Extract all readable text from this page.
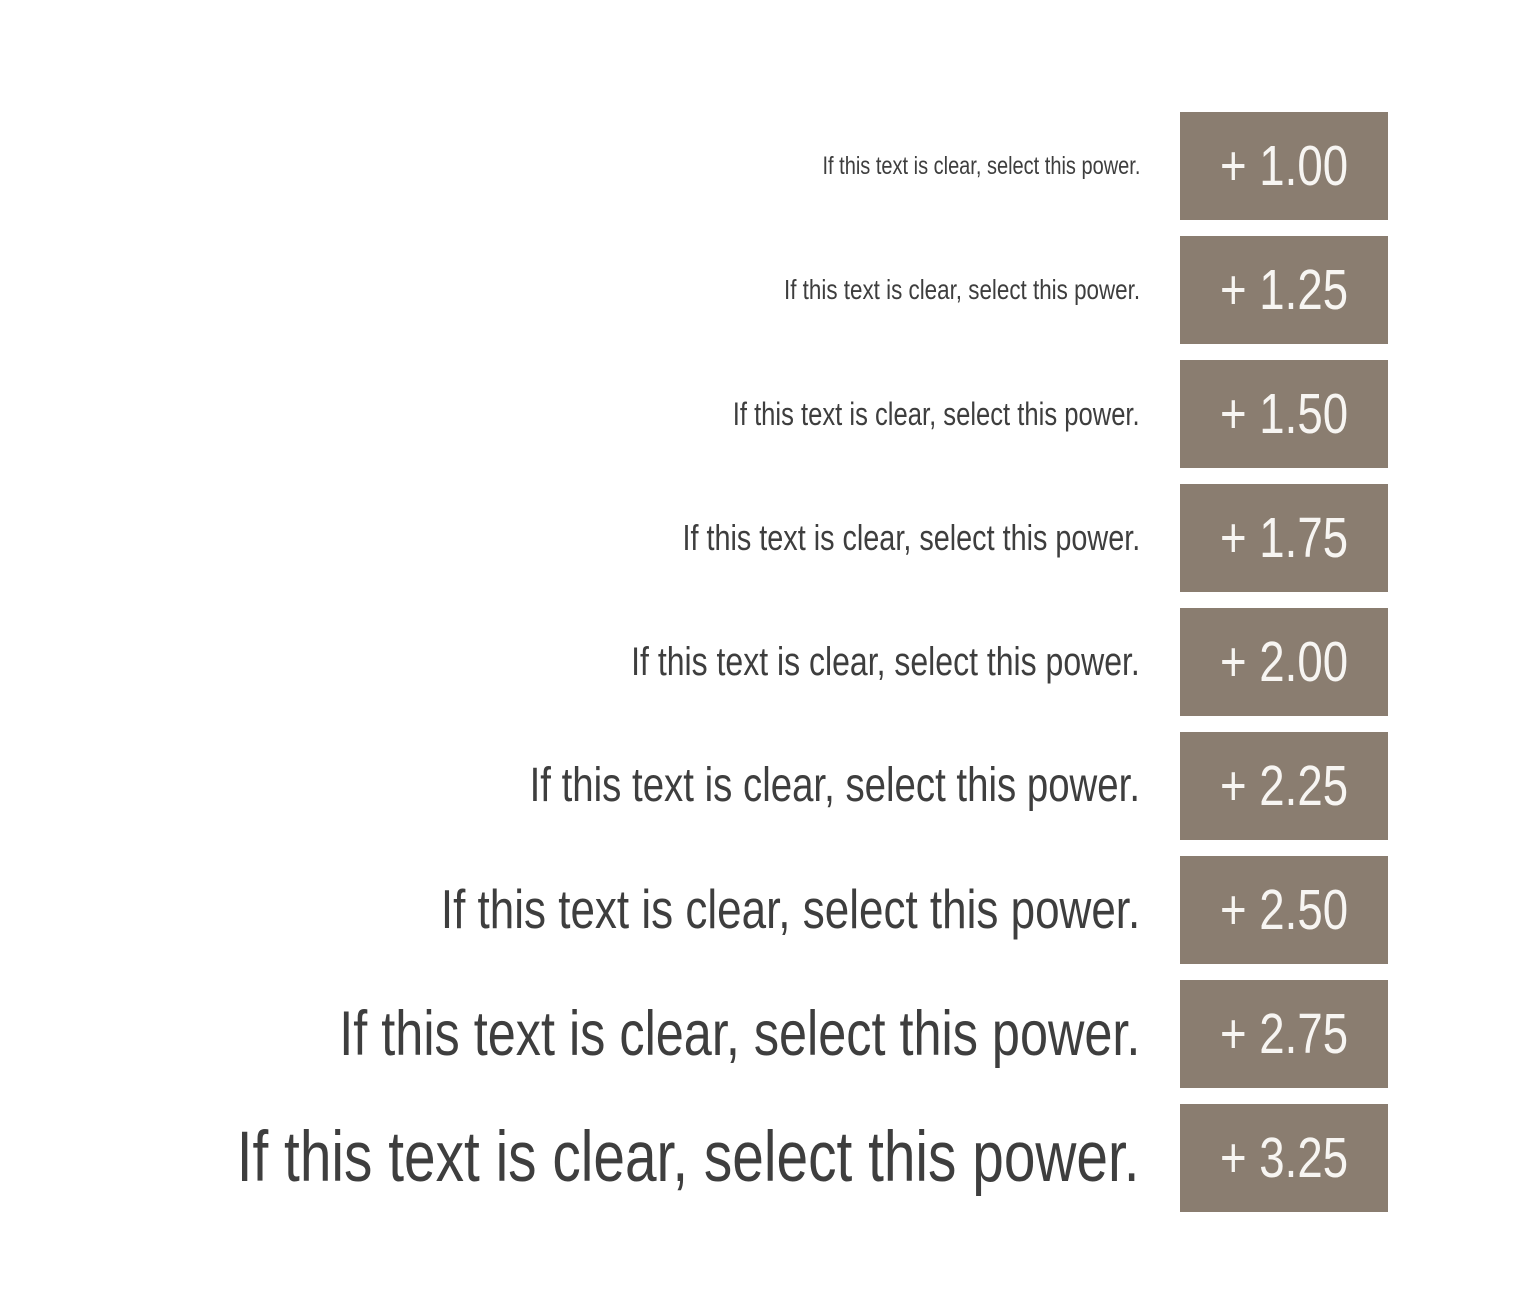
If this text is clear, select this power. + 1.00
If this text is clear, select this power. + 1.25
If this text is clear, select this power. + 1.50
If this text is clear, select this power. + 1.75
If this text is clear, select this power. + 2.00
If this text is clear, select this power. + 2.25
If this text is clear, select this power. + 2.50
If this text is clear, select this power. + 2.75
If this text is clear, select this power. + 3.25
